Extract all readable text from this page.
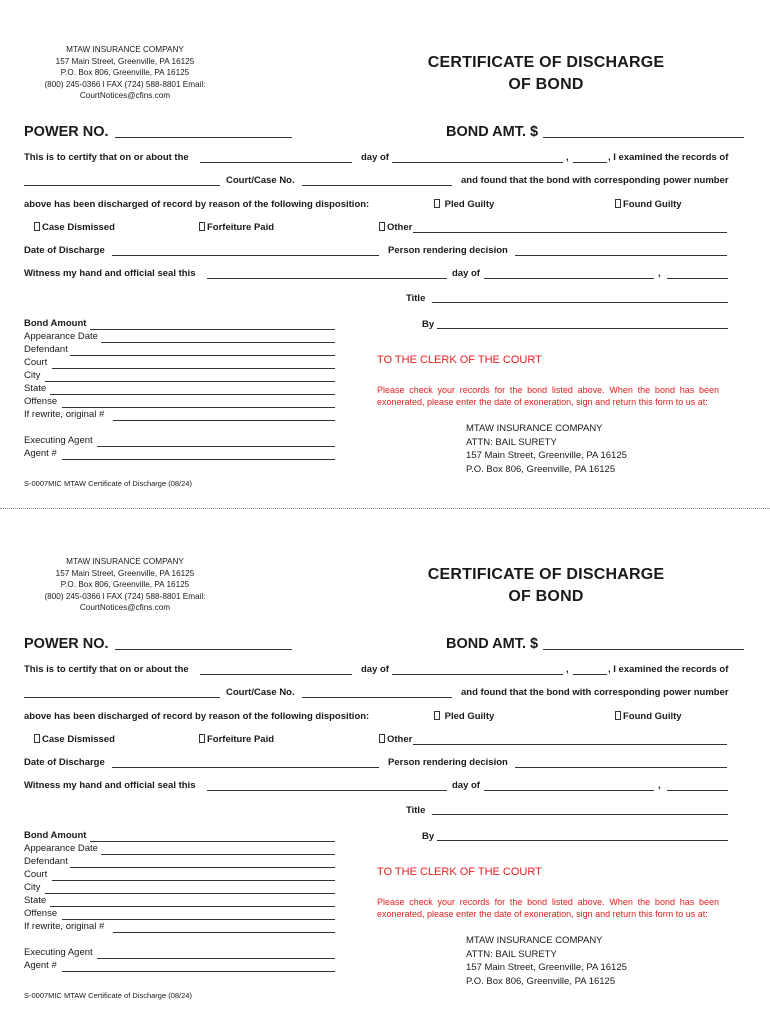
MTAW INSURANCE COMPANY
157 Main Street, Greenville, PA 16125
P.O. Box 806, Greenville, PA 16125
(800) 245-0366 l FAX (724) 588-8801 Email:
CourtNotices@cfins.com
CERTIFICATE OF DISCHARGE
OF BOND
POWER NO.	BOND AMT. $
This is to certify that on or about the	day of	,	, I examined the records of
Court/Case No.	and found that the bond with corresponding power number
above has been discharged of record by reason of the following disposition:	Pled Guilty	Found Guilty
Case Dismissed	Forfeiture Paid	Other
Date of Discharge	Person rendering decision
Witness my hand and official seal this	day of	,
Title
By
Bond Amount
Appearance Date
Defendant
Court
City
State
Offense
If rewrite, original #
Executing Agent
Agent #
TO THE CLERK OF THE COURT
Please check your records for the bond listed above. When the bond has been exonerated, please enter the date of exoneration, sign and return this form to us at:
MTAW INSURANCE COMPANY
ATTN: BAIL SURETY
157 Main Street, Greenville, PA 16125
P.O. Box 806, Greenville, PA 16125
S-0007MIC MTAW Certificate of Discharge (08/24)
MTAW INSURANCE COMPANY
157 Main Street, Greenville, PA 16125
P.O. Box 806, Greenville, PA 16125
(800) 245-0366 l FAX (724) 588-8801 Email:
CourtNotices@cfins.com
CERTIFICATE OF DISCHARGE
OF BOND
POWER NO.	BOND AMT. $
This is to certify that on or about the	day of	,	, I examined the records of
Court/Case No.	and found that the bond with corresponding power number
above has been discharged of record by reason of the following disposition:	Pled Guilty	Found Guilty
Case Dismissed	Forfeiture Paid	Other
Date of Discharge	Person rendering decision
Witness my hand and official seal this	day of	,
Title
By
Bond Amount
Appearance Date
Defendant
Court
City
State
Offense
If rewrite, original #
Executing Agent
Agent #
TO THE CLERK OF THE COURT
Please check your records for the bond listed above. When the bond has been exonerated, please enter the date of exoneration, sign and return this form to us at:
MTAW INSURANCE COMPANY
ATTN: BAIL SURETY
157 Main Street, Greenville, PA 16125
P.O. Box 806, Greenville, PA 16125
S-0007MIC MTAW Certificate of Discharge (08/24)
